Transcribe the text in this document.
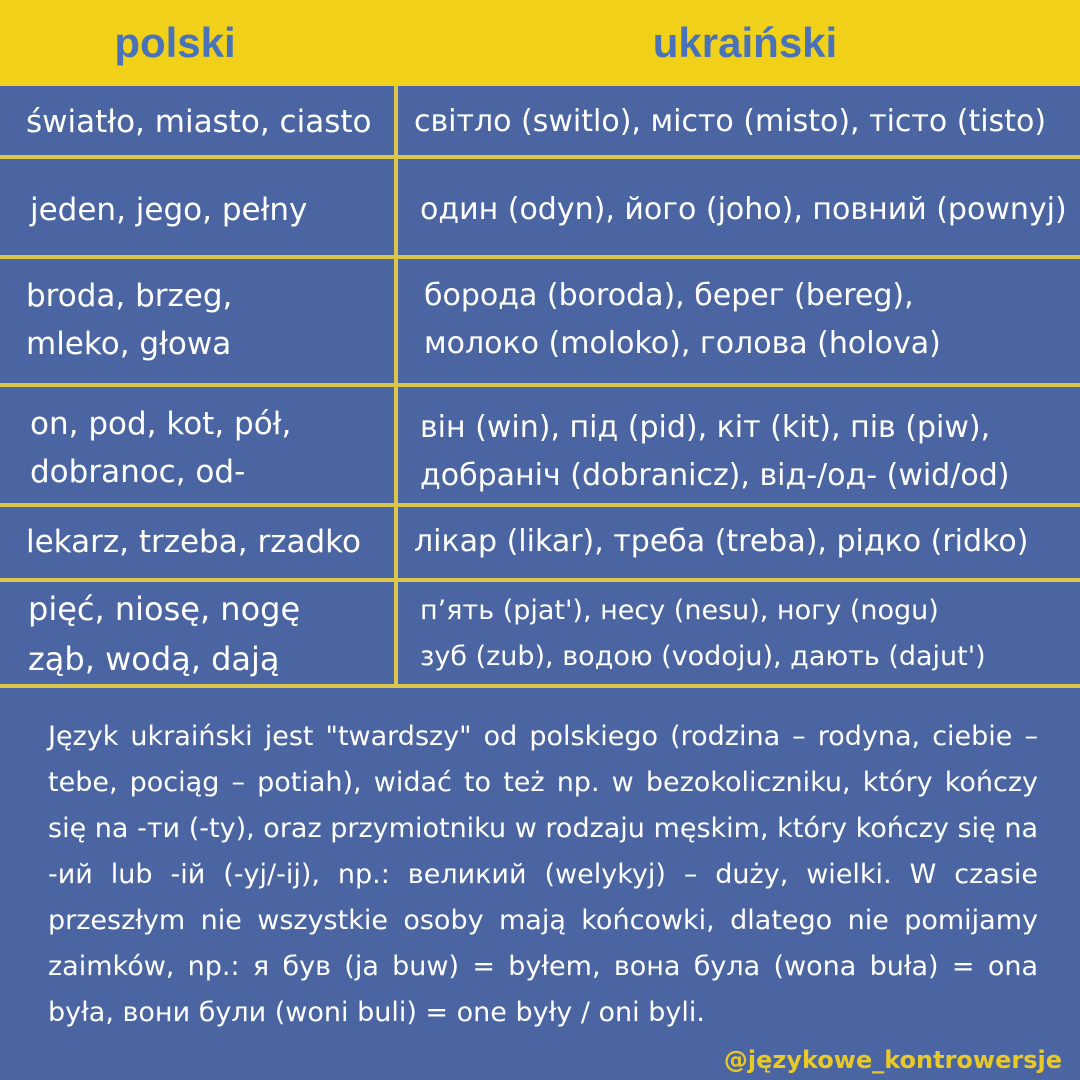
polski	ukraiński
światło, miasto, ciasto світло (switlo), місто (misto), тісто (tisto)
jeden, jego, pełny	один (odyn), його (joho), повний (pownyj)
broda, brzeg,
mleko, głowa
борода (boroda), берег (bereg),
молоко (moloko), голова (holova)
on, pod, kot, pół,
dobranoc, od-
він (win), під (pid), кіт (kit), пів (piw),
добраніч (dobranicz), від-/од- (wid/od)
lekarz, trzeba, rzadko лікар (likar), треба (treba), рідко (ridko)
pięć, niosę, nogę
ząb, wodą, dają
п’ять (pjat'), несу (nesu), ногу (nogu)
зуб (zub), водою (vodoju), дають (dajut')
Język ukraiński jest "twardszy" od polskiego (rodzina – rodyna, ciebie –tebe, pociąg – potiah), widać to też np. w bezokoliczniku, który kończy się na -ти (-ty), oraz przymiotniku w rodzaju męskim, który kończy się na -ий lub -ій (-yj/-ij), np.: великий (welykyj) – duży, wielki. W czasie przeszłym nie wszystkie osoby mają końcowki, dlatego nie pomijamy zaimków, np.: я був (ja buw) = byłem, вона була (wona buła) = ona była, вони були (woni buli) = one były / oni byli.
@językowe_kontrowersje
